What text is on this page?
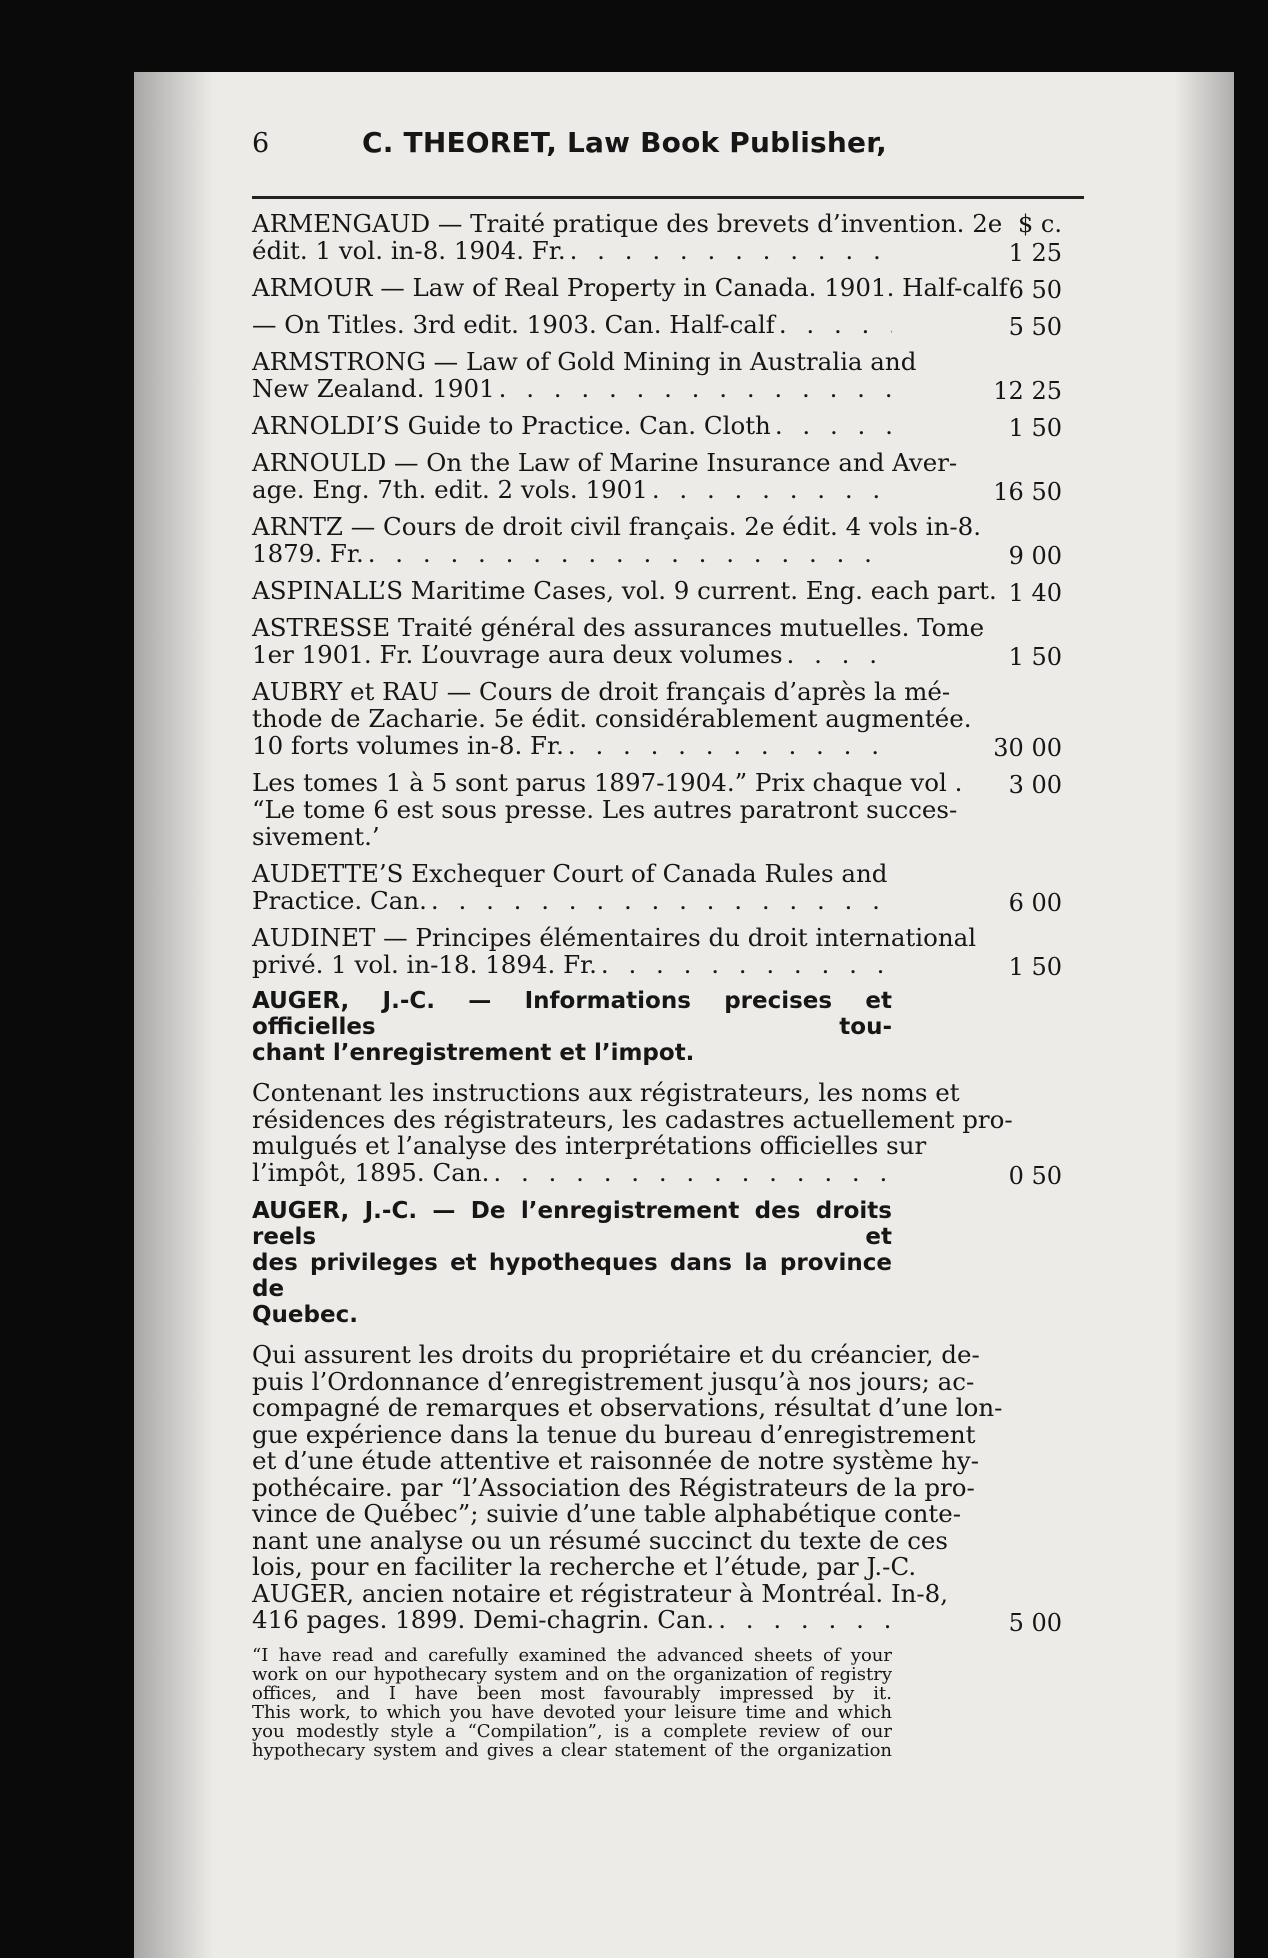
6	C. THEORET, Law Book Publisher,
$ c.
1 25
6 50
5 50
12 25
1 50
16 50
9 00
1 40
1 50
30 00
3 00
6 00
1 50
0 50
5 00
ARMENGAUD — Traité pratique des brevets d’invention. 2e
édit. 1 vol. in-8. 1904. Fr.
. . .
ARMOUR — Law of Real Property in Canada. 1901. Half-calf
— On Titles. 3rd edit. 1903. Can. Half-calf
. . .
ARMSTRONG — Law of Gold Mining in Australia and
New Zealand. 1901
. . .
ARNOLDI’S Guide to Practice. Can. Cloth
. . .
ARNOULD — On the Law of Marine Insurance and Aver-
age. Eng. 7th. edit. 2 vols. 1901
. . .
ARNTZ — Cours de droit civil français. 2e édit. 4 vols in-8.
1879. Fr.
. . .
ASPINALL’S Maritime Cases, vol. 9 current. Eng. each part.
ASTRESSE Traité général des assurances mutuelles. Tome
1er 1901. Fr. L’ouvrage aura deux volumes
. . .
AUBRY et RAU — Cours de droit français d’après la mé-
thode de Zacharie. 5e édit. considérablement augmentée.
10 forts volumes in-8. Fr.
. . .
Les tomes 1 à 5 sont parus 1897-1904.” Prix chaque vol .
“Le tome 6 est sous presse. Les autres paratront succes-
sivement.’
AUDETTE’S Exchequer Court of Canada Rules and
Practice. Can.
. . .
AUDINET — Principes élémentaires du droit international
privé. 1 vol. in-18. 1894. Fr.
. . .
AUGER, J.-C. — Informations precises et officielles tou-
chant l’enregistrement et l’impot.
Contenant les instructions aux régistrateurs, les noms et
résidences des régistrateurs, les cadastres actuellement pro-
mulgués et l’analyse des interprétations officielles sur
l’impôt, 1895. Can.
. . .
AUGER, J.-C. — De l’enregistrement des droits reels et
des privileges et hypotheques dans la province de
Quebec.
Qui assurent les droits du propriétaire et du créancier, de-
puis l’Ordonnance d’enregistrement jusqu’à nos jours; ac-
compagné de remarques et observations, résultat d’une lon-
gue expérience dans la tenue du bureau d’enregistrement
et d’une étude attentive et raisonnée de notre système hy-
pothécaire. par “l’Association des Régistrateurs de la pro-
vince de Québec”; suivie d’une table alphabétique conte-
nant une analyse ou un résumé succinct du texte de ces
lois, pour en faciliter la recherche et l’étude, par J.-C.
AUGER, ancien notaire et régistrateur à Montréal. In-8,
416 pages. 1899. Demi-chagrin. Can.
. . .
“I have read and carefully examined the advanced sheets of your
work on our hypothecary system and on the organization of registry
offices, and I have been most favourably impressed by it.
This work, to which you have devoted your leisure time and which
you modestly style a “Compilation”, is a complete review of our
hypothecary system and gives a clear statement of the organization
